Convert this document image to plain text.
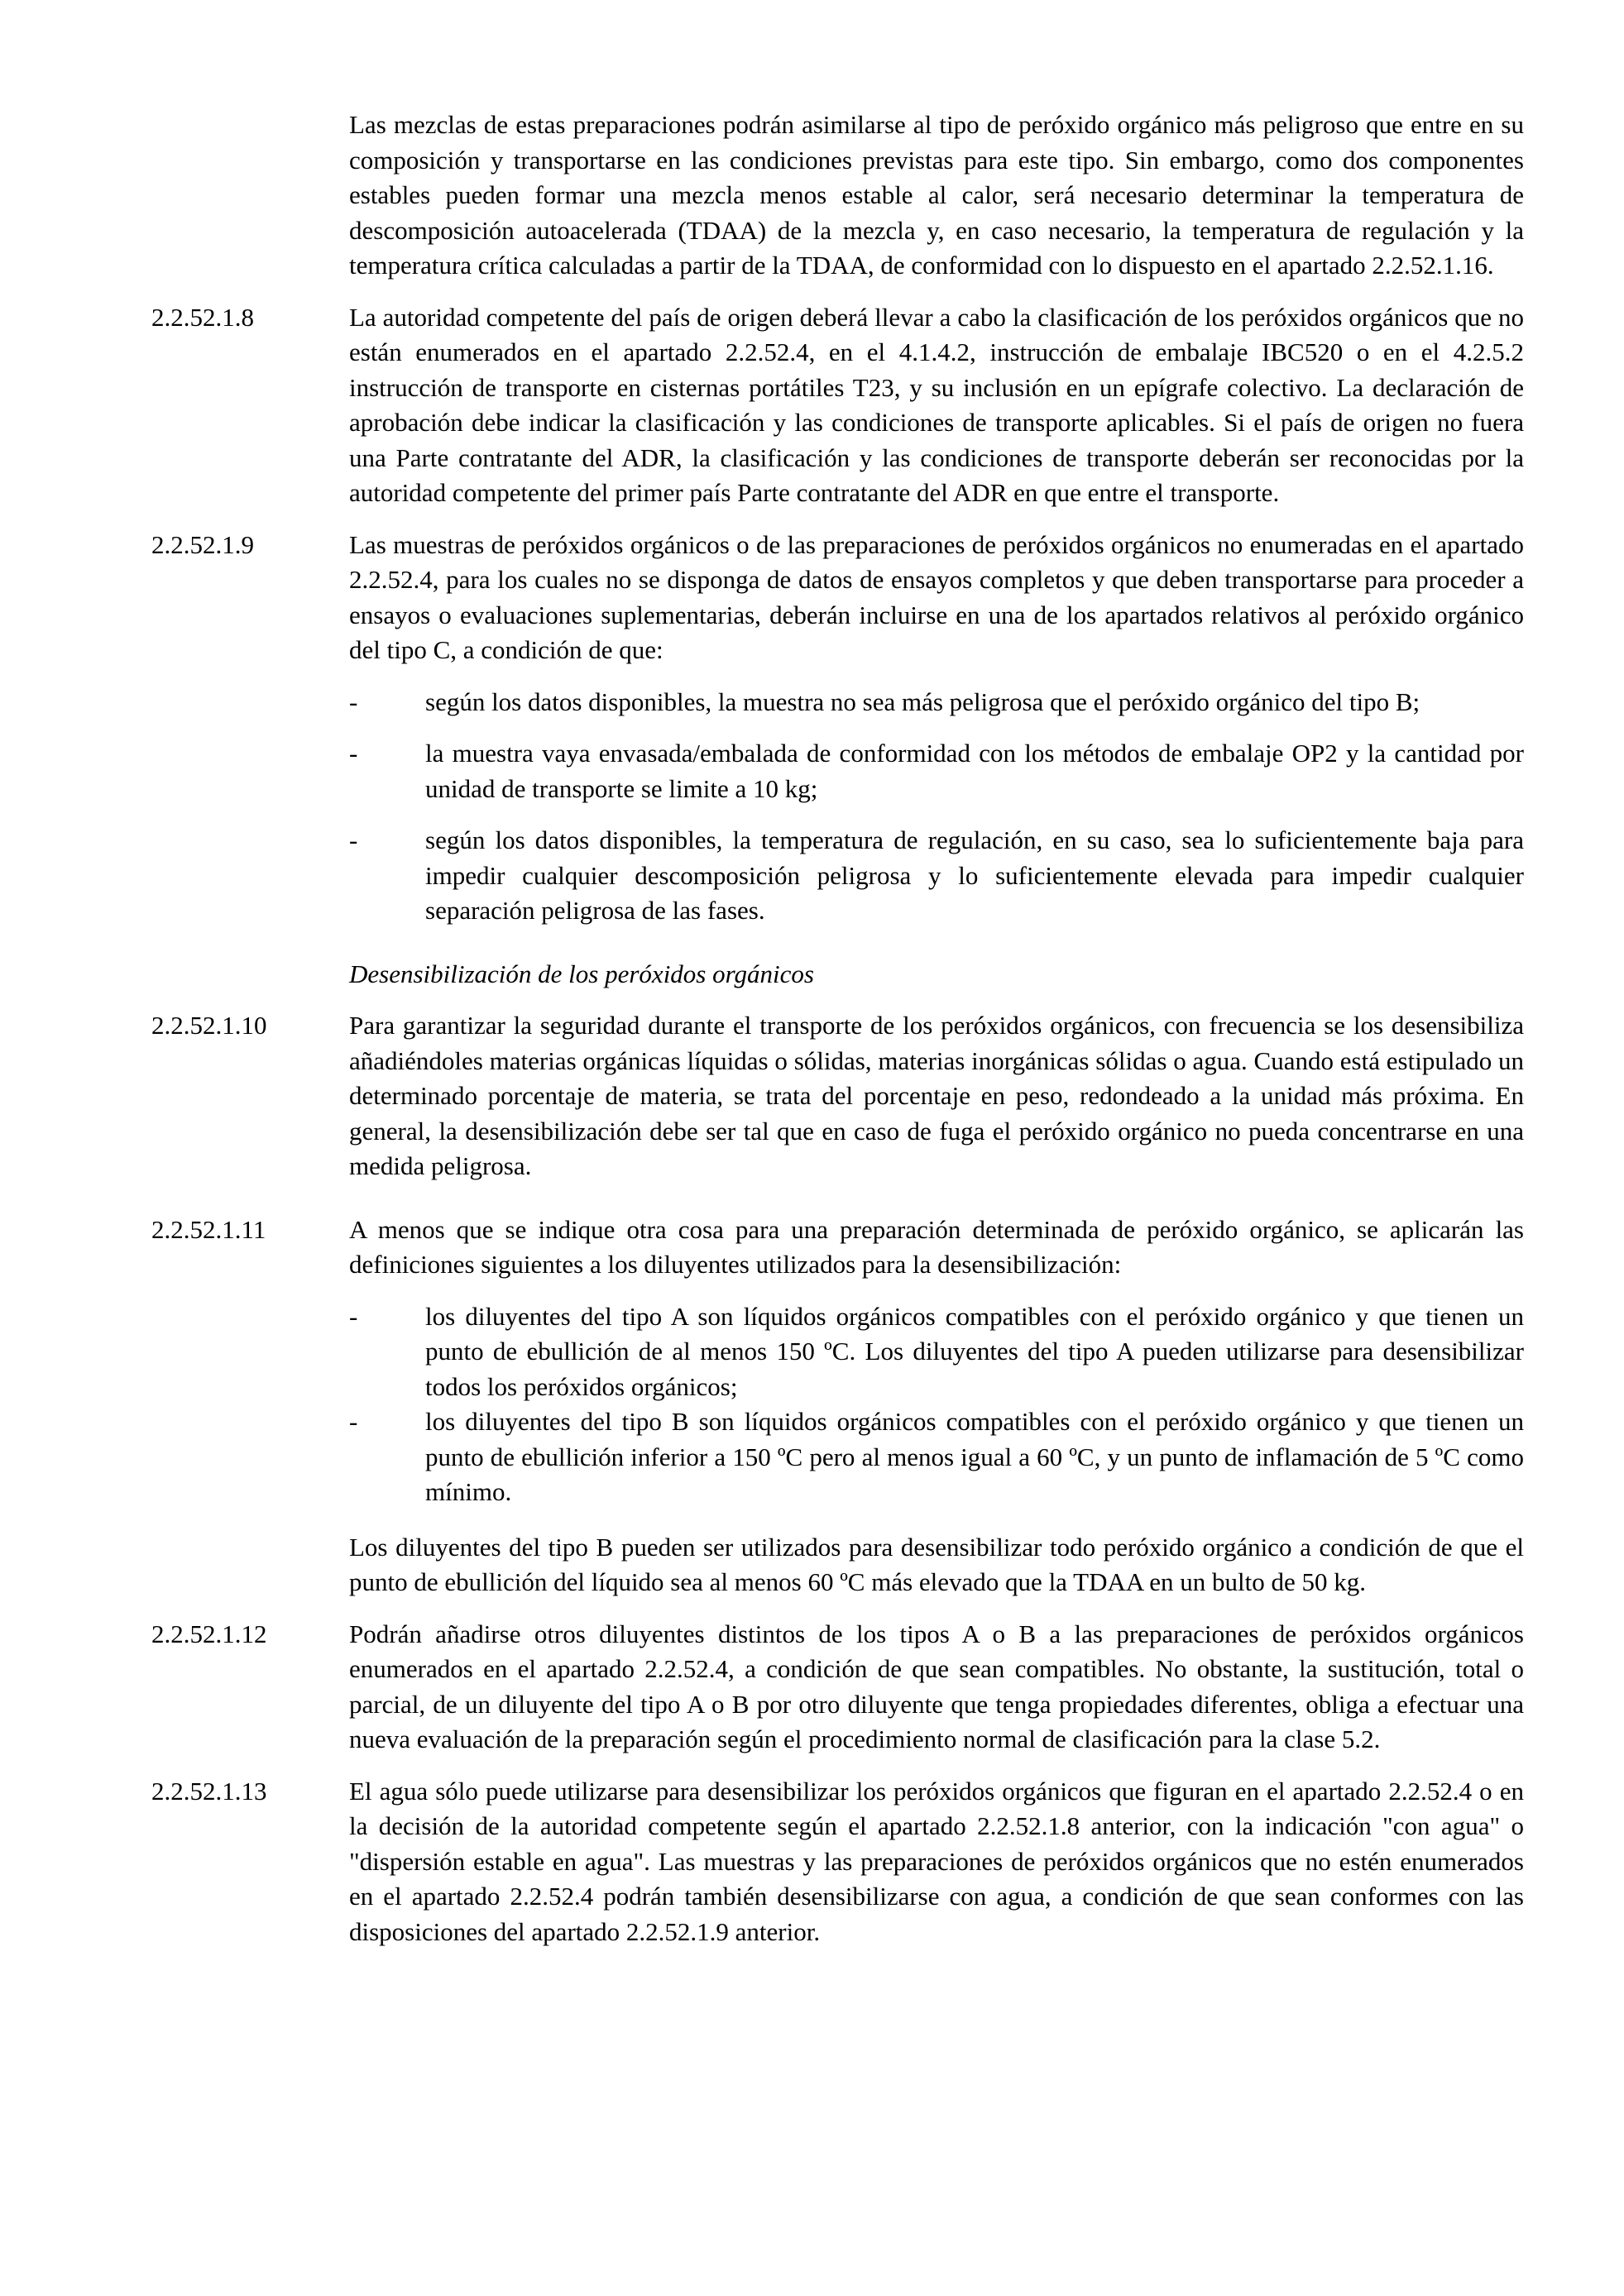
Las mezclas de estas preparaciones podrán asimilarse al tipo de peróxido orgánico más peligroso que entre en su composición y transportarse en las condiciones previstas para este tipo. Sin embargo, como dos componentes estables pueden formar una mezcla menos estable al calor, será necesario determinar la temperatura de descomposición autoacelerada (TDAA) de la mezcla y, en caso necesario, la temperatura de regulación y la temperatura crítica calculadas a partir de la TDAA, de conformidad con lo dispuesto en el apartado 2.2.52.1.16.
2.2.52.1.8	La autoridad competente del país de origen deberá llevar a cabo la clasificación de los peróxidos orgánicos que no están enumerados en el apartado 2.2.52.4, en el 4.1.4.2, instrucción de embalaje IBC520 o en el 4.2.5.2 instrucción de transporte en cisternas portátiles T23, y su inclusión en un epígrafe colectivo. La declaración de aprobación debe indicar la clasificación y las condiciones de transporte aplicables. Si el país de origen no fuera una Parte contratante del ADR, la clasificación y las condiciones de transporte deberán ser reconocidas por la autoridad competente del primer país Parte contratante del ADR en que entre el transporte.
2.2.52.1.9	Las muestras de peróxidos orgánicos o de las preparaciones de peróxidos orgánicos no enumeradas en el apartado 2.2.52.4, para los cuales no se disponga de datos de ensayos completos y que deben transportarse para proceder a ensayos o evaluaciones suplementarias, deberán incluirse en una de los apartados relativos al peróxido orgánico del tipo C, a condición de que:
-	según los datos disponibles, la muestra no sea más peligrosa que el peróxido orgánico del tipo B;
-	la muestra vaya envasada/embalada de conformidad con los métodos de embalaje OP2 y la cantidad por unidad de transporte se limite a 10 kg;
-	según los datos disponibles, la temperatura de regulación, en su caso, sea lo suficientemente baja para impedir cualquier descomposición peligrosa y lo suficientemente elevada para impedir cualquier separación peligrosa de las fases.
Desensibilización de los peróxidos orgánicos
2.2.52.1.10	Para garantizar la seguridad durante el transporte de los peróxidos orgánicos, con frecuencia se los desensibiliza añadiéndoles materias orgánicas líquidas o sólidas, materias inorgánicas sólidas o agua. Cuando está estipulado un determinado porcentaje de materia, se trata del porcentaje en peso, redondeado a la unidad más próxima. En general, la desensibilización debe ser tal que en caso de fuga el peróxido orgánico no pueda concentrarse en una medida peligrosa.
2.2.52.1.11	A menos que se indique otra cosa para una preparación determinada de peróxido orgánico, se aplicarán las definiciones siguientes a los diluyentes utilizados para la desensibilización:
-	los diluyentes del tipo A son líquidos orgánicos compatibles con el peróxido orgánico y que tienen un punto de ebullición de al menos 150 ºC. Los diluyentes del tipo A pueden utilizarse para desensibilizar todos los peróxidos orgánicos;
-	los diluyentes del tipo B son líquidos orgánicos compatibles con el peróxido orgánico y que tienen un punto de ebullición inferior a 150 ºC pero al menos igual a 60 ºC, y un punto de inflamación de 5 ºC como mínimo.
Los diluyentes del tipo B pueden ser utilizados para desensibilizar todo peróxido orgánico a condición de que el punto de ebullición del líquido sea al menos 60 ºC más elevado que la TDAA en un bulto de 50 kg.
2.2.52.1.12	Podrán añadirse otros diluyentes distintos de los tipos A o B a las preparaciones de peróxidos orgánicos enumerados en el apartado 2.2.52.4, a condición de que sean compatibles. No obstante, la sustitución, total o parcial, de un diluyente del tipo A o B por otro diluyente que tenga propiedades diferentes, obliga a efectuar una nueva evaluación de la preparación según el procedimiento normal de clasificación para la clase 5.2.
2.2.52.1.13	El agua sólo puede utilizarse para desensibilizar los peróxidos orgánicos que figuran en el apartado 2.2.52.4 o en la decisión de la autoridad competente según el apartado 2.2.52.1.8 anterior, con la indicación "con agua" o "dispersión estable en agua". Las muestras y las preparaciones de peróxidos orgánicos que no estén enumerados en el apartado 2.2.52.4 podrán también desensibilizarse con agua, a condición de que sean conformes con las disposiciones del apartado 2.2.52.1.9 anterior.
